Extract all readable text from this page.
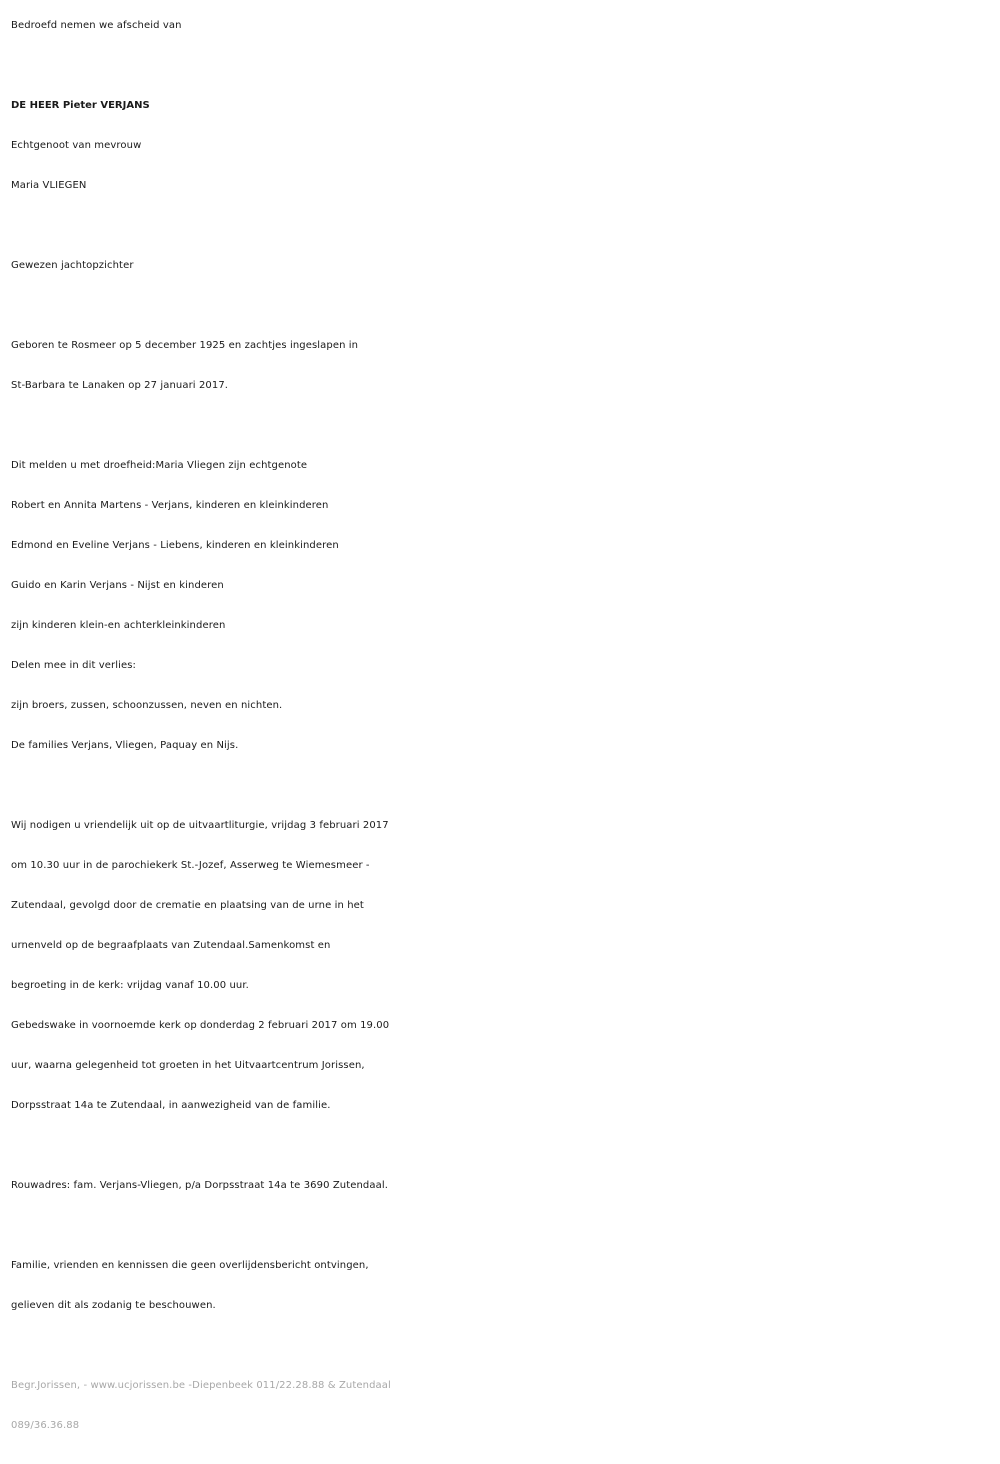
Bedroefd nemen we afscheid van
DE HEER Pieter VERJANS
Echtgenoot van mevrouw
Maria VLIEGEN
Gewezen jachtopzichter
Geboren te Rosmeer op 5 december 1925 en zachtjes ingeslapen in
St-Barbara te Lanaken op 27 januari 2017.
Dit melden u met droefheid:Maria Vliegen zijn echtgenote
Robert en Annita Martens - Verjans, kinderen en kleinkinderen
Edmond en Eveline Verjans - Liebens, kinderen en kleinkinderen
Guido en Karin Verjans - Nijst en kinderen
zijn kinderen klein-en achterkleinkinderen
Delen mee in dit verlies:
zijn broers, zussen, schoonzussen, neven en nichten.
De families Verjans, Vliegen, Paquay en Nijs.
Wij nodigen u vriendelijk uit op de uitvaartliturgie, vrijdag 3 februari 2017
om 10.30 uur in de parochiekerk St.-Jozef, Asserweg te Wiemesmeer -
Zutendaal, gevolgd door de crematie en plaatsing van de urne in het
urnenveld op de begraafplaats van Zutendaal.Samenkomst en
begroeting in de kerk: vrijdag vanaf 10.00 uur.
Gebedswake in voornoemde kerk op donderdag 2 februari 2017 om 19.00
uur, waarna gelegenheid tot groeten in het Uitvaartcentrum Jorissen,
Dorpsstraat 14a te Zutendaal, in aanwezigheid van de familie.
Rouwadres: fam. Verjans-Vliegen, p/a Dorpsstraat 14a te 3690 Zutendaal.
Familie, vrienden en kennissen die geen overlijdensbericht ontvingen,
gelieven dit als zodanig te beschouwen.
Begr.Jorissen, - www.ucjorissen.be -Diepenbeek 011/22.28.88 & Zutendaal
089/36.36.88
